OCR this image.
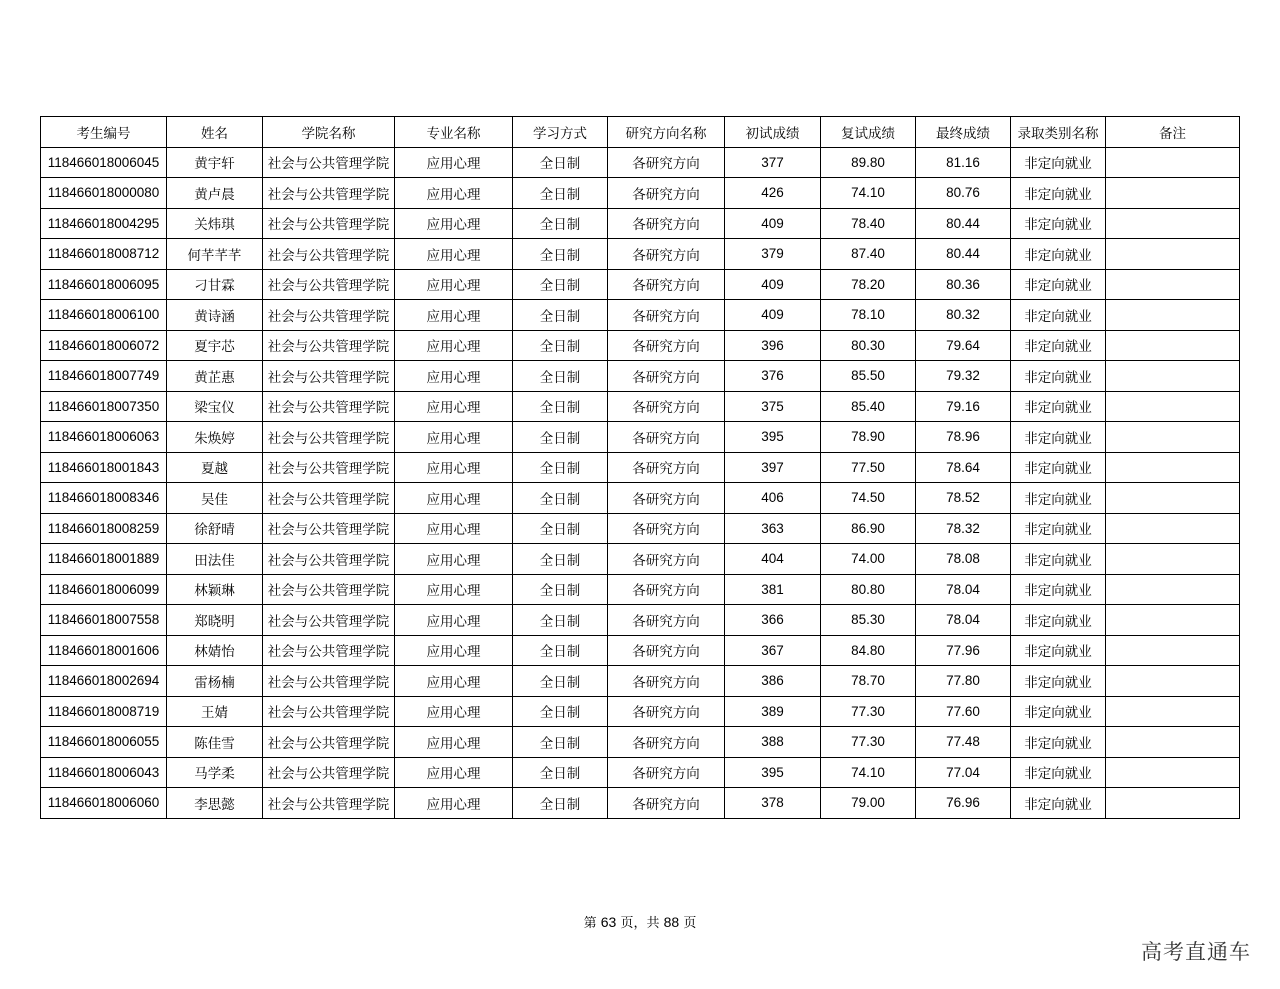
考生编号	姓名	学院名称	专业名称	学习方式	研究方向名称	初试成绩	复试成绩	最终成绩	录取类别名称	备注
118466018006045	黄宇轩	社会与公共管理学院	应用心理	全日制	各研究方向	377	89.80	81.16	非定向就业	
118466018000080	黄卢晨	社会与公共管理学院	应用心理	全日制	各研究方向	426	74.10	80.76	非定向就业	
118466018004295	关炜琪	社会与公共管理学院	应用心理	全日制	各研究方向	409	78.40	80.44	非定向就业	
118466018008712	何芊芊芊	社会与公共管理学院	应用心理	全日制	各研究方向	379	87.40	80.44	非定向就业	
118466018006095	刁甘霖	社会与公共管理学院	应用心理	全日制	各研究方向	409	78.20	80.36	非定向就业	
118466018006100	黄诗涵	社会与公共管理学院	应用心理	全日制	各研究方向	409	78.10	80.32	非定向就业	
118466018006072	夏宇芯	社会与公共管理学院	应用心理	全日制	各研究方向	396	80.30	79.64	非定向就业	
118466018007749	黄芷惠	社会与公共管理学院	应用心理	全日制	各研究方向	376	85.50	79.32	非定向就业	
118466018007350	梁宝仪	社会与公共管理学院	应用心理	全日制	各研究方向	375	85.40	79.16	非定向就业	
118466018006063	朱焕婷	社会与公共管理学院	应用心理	全日制	各研究方向	395	78.90	78.96	非定向就业	
118466018001843	夏越	社会与公共管理学院	应用心理	全日制	各研究方向	397	77.50	78.64	非定向就业	
118466018008346	吴佳	社会与公共管理学院	应用心理	全日制	各研究方向	406	74.50	78.52	非定向就业	
118466018008259	徐舒晴	社会与公共管理学院	应用心理	全日制	各研究方向	363	86.90	78.32	非定向就业	
118466018001889	田法佳	社会与公共管理学院	应用心理	全日制	各研究方向	404	74.00	78.08	非定向就业	
118466018006099	林颖琳	社会与公共管理学院	应用心理	全日制	各研究方向	381	80.80	78.04	非定向就业	
118466018007558	郑晓明	社会与公共管理学院	应用心理	全日制	各研究方向	366	85.30	78.04	非定向就业	
118466018001606	林婧怡	社会与公共管理学院	应用心理	全日制	各研究方向	367	84.80	77.96	非定向就业	
118466018002694	雷杨楠	社会与公共管理学院	应用心理	全日制	各研究方向	386	78.70	77.80	非定向就业	
118466018008719	王婧	社会与公共管理学院	应用心理	全日制	各研究方向	389	77.30	77.60	非定向就业	
118466018006055	陈佳雪	社会与公共管理学院	应用心理	全日制	各研究方向	388	77.30	77.48	非定向就业	
118466018006043	马学柔	社会与公共管理学院	应用心理	全日制	各研究方向	395	74.10	77.04	非定向就业	
118466018006060	李思懿	社会与公共管理学院	应用心理	全日制	各研究方向	378	79.00	76.96	非定向就业	
第 63 页，共 88 页
高考直通车
